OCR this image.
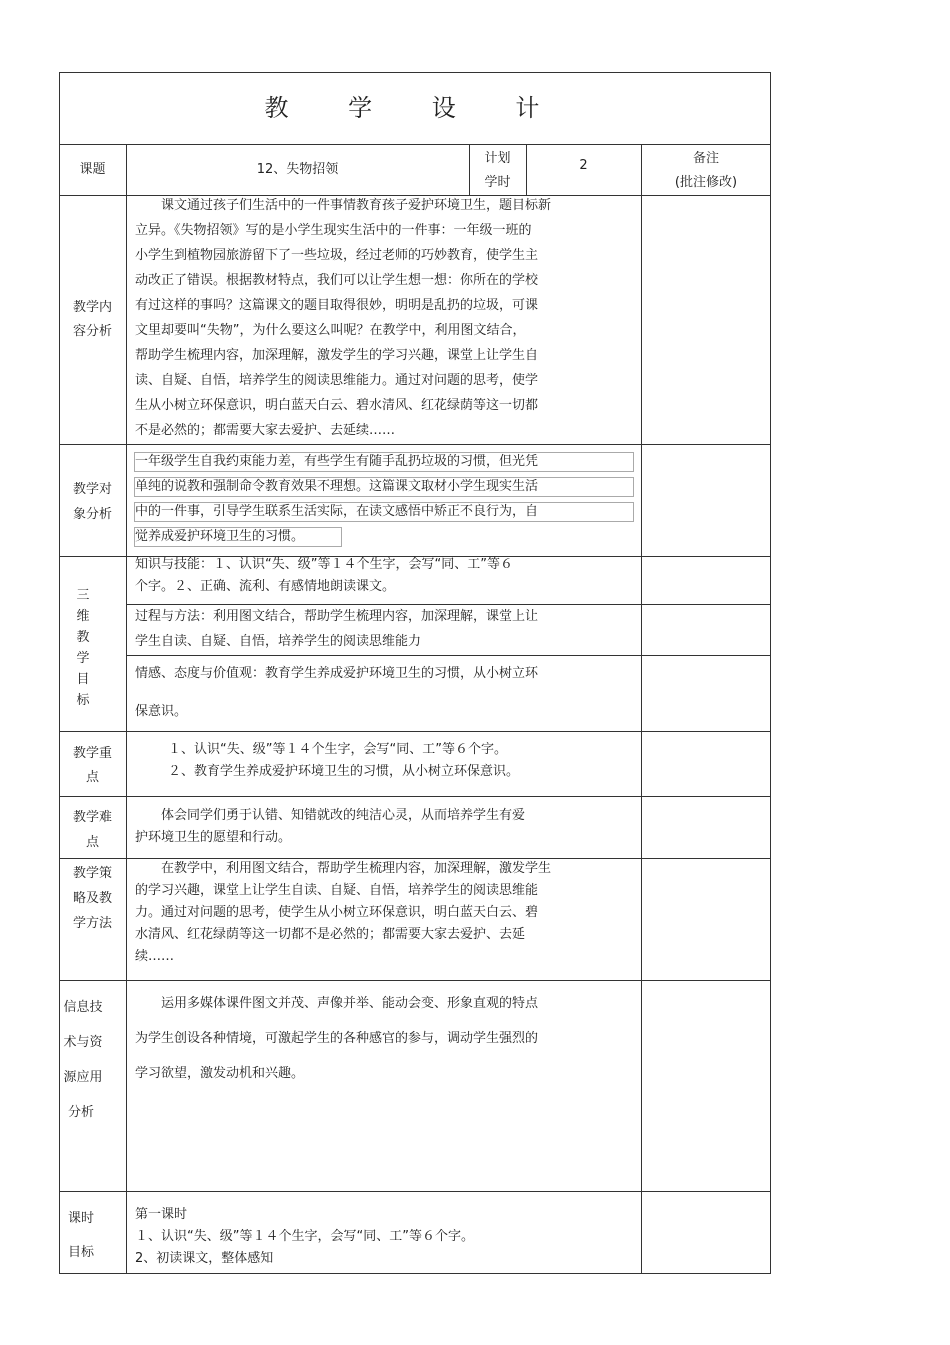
教 学 设 计
课题	12、失物招领
计划
学时
2	备注
(批注修改)
教学内
容分析
　　课文通过孩子们生活中的一件事情教育孩子爱护环境卫生，题目标新
立异。《失物招领》写的是小学生现实生活中的一件事：一年级一班的
小学生到植物园旅游留下了一些垃圾，经过老师的巧妙教育，使学生主
动改正了错误。根据教材特点，我们可以让学生想一想：你所在的学校
有过这样的事吗？这篇课文的题目取得很妙，明明是乱扔的垃圾，可课
文里却要叫“失物”，为什么要这么叫呢？在教学中，利用图文结合，
帮助学生梳理内容，加深理解，激发学生的学习兴趣，课堂上让学生自
读、自疑、自悟，培养学生的阅读思维能力。通过对问题的思考，使学
生从小树立环保意识，明白蓝天白云、碧水清风、红花绿荫等这一切都
不是必然的；都需要大家去爱护、去延续……
教学对
象分析
一年级学生自我约束能力差，有些学生有随手乱扔垃圾的习惯，但光凭
单纯的说教和强制命令教育效果不理想。这篇课文取材小学生现实生活
中的一件事，引导学生联系生活实际，在读文感悟中矫正不良行为，自
觉养成爱护环境卫生的习惯。
三
维
教
学
目
标
知识与技能：１、认识“失、级”等１４个生字，会写“同、工”等６
个字。２、正确、流利、有感情地朗读课文。
过程与方法：利用图文结合，帮助学生梳理内容，加深理解，课堂上让
学生自读、自疑、自悟，培养学生的阅读思维能力
情感、态度与价值观：教育学生养成爱护环境卫生的习惯，从小树立环
保意识。
教学重
点
１、认识“失、级”等１４个生字，会写“同、工”等６个字。
２、教育学生养成爱护环境卫生的习惯，从小树立环保意识。
教学难
点
　　体会同学们勇于认错、知错就改的纯洁心灵，从而培养学生有爱
护环境卫生的愿望和行动。
教学策
略及教
学方法
　　在教学中，利用图文结合，帮助学生梳理内容，加深理解，激发学生
的学习兴趣，课堂上让学生自读、自疑、自悟，培养学生的阅读思维能
力。通过对问题的思考，使学生从小树立环保意识，明白蓝天白云、碧
水清风、红花绿荫等这一切都不是必然的；都需要大家去爱护、去延
续……
信息技
术与资
源应用
分析
　　运用多媒体课件图文并茂、声像并举、能动会变、形象直观的特点
为学生创设各种情境，可激起学生的各种感官的参与，调动学生强烈的
学习欲望，激发动机和兴趣。
课时
目标
第一课时
１、认识“失、级”等１４个生字，会写“同、工”等６个字。
2、初读课文，整体感知
